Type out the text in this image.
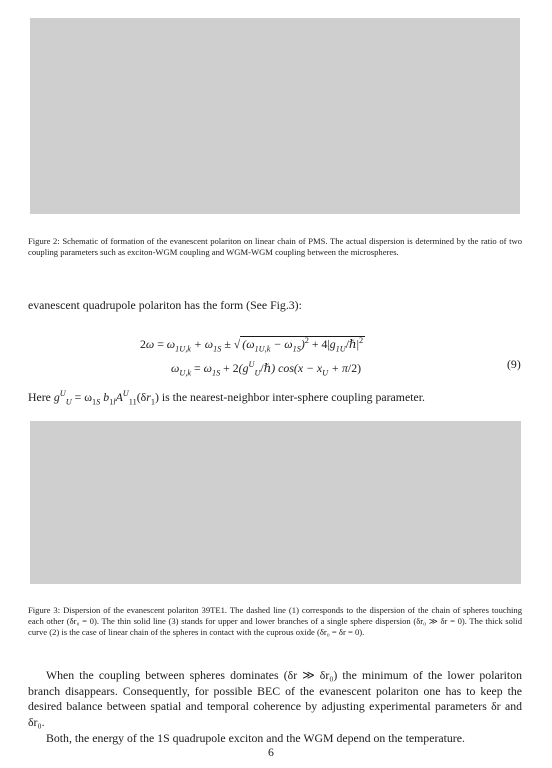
Figure 2: Schematic of formation of the evanescent polariton on linear chain of PMS. The actual dispersion is determined by the ratio of two coupling parameters such as exciton-WGM coupling and WGM-WGM coupling between the microspheres.
evanescent quadrupole polariton has the form (See Fig.3):
$2\omega = \omega_{1U,k} + \omega_{1S}$ ± √ $(\omega_{1U,k} - \omega_{1S})^2$ + $4|g_{1U}/\hbar|^2$
$\omega_{U,k} = \omega_{1S}$ + $2(g^U_U/\hbar) \cos(x - x_U + \pi/2)$	(9)
Here $g^U_U = \omega_{1S}$ $b_{1l}A^U_{11}(\delta r_1)$ is the nearest-neighbor inter-sphere coupling parameter.
Figure 3: Dispersion of the evanescent polariton 39TE1. The dashed line (1) corresponds to the dispersion of the chain of spheres touching each other (δr₀ = 0). The thin solid line (3) stands for upper and lower branches of a single sphere dispersion (δr₀ ≫ δr = 0). The thick solid curve (2) is the case of linear chain of the spheres in contact with the cuprous oxide (δr₀ = δr = 0).
When the coupling between spheres dominates (δr ≫ δr₀) the minimum of the lower polariton branch disappears. Consequently, for possible BEC of the evanescent polariton one has to keep the desired balance between spatial and temporal coherence by adjusting experimental parameters δr and δr₀.
Both, the energy of the 1S quadrupole exciton and the WGM depend on the temperature.
6
